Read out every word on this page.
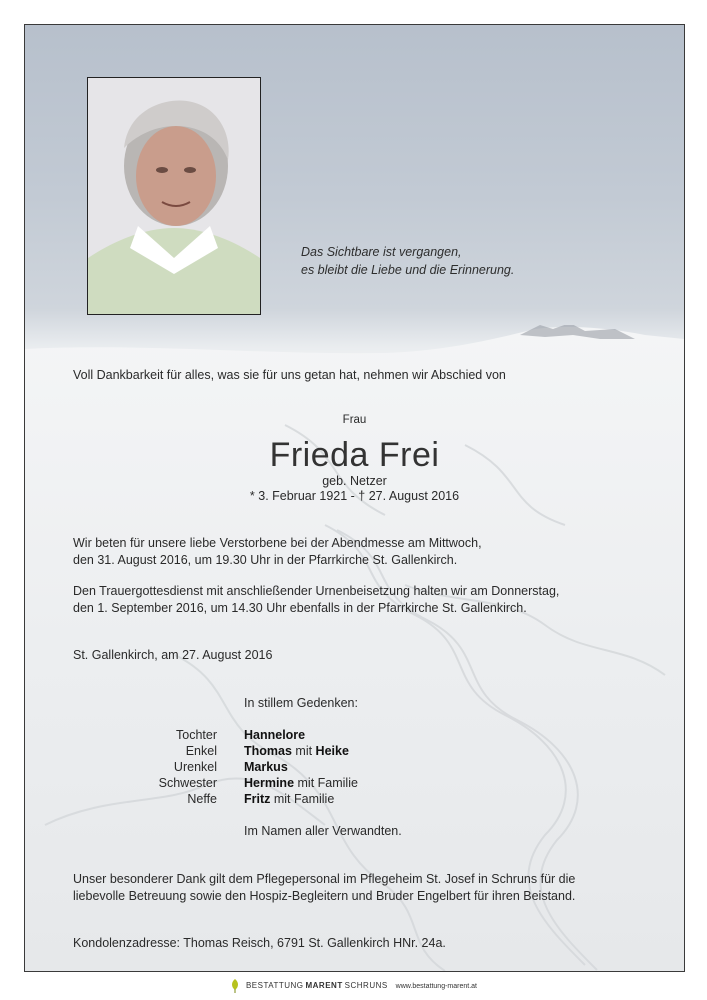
Das Sichtbare ist vergangen,
es bleibt die Liebe und die Erinnerung.
Voll Dankbarkeit für alles, was sie für uns getan hat, nehmen wir Abschied von
Frau
Frieda Frei
geb. Netzer
* 3. Februar 1921 - † 27. August 2016
Wir beten für unsere liebe Verstorbene bei der Abendmesse am Mittwoch,
den 31. August 2016, um 19.30 Uhr in der Pfarrkirche St. Gallenkirch.
Den Trauergottesdienst mit anschließender Urnenbeisetzung halten wir am Donnerstag,
den 1. September 2016, um 14.30 Uhr ebenfalls in der Pfarrkirche St. Gallenkirch.
St. Gallenkirch, am 27. August 2016
In stillem Gedenken:
Tochter Hannelore
Enkel Thomas mit Heike
Urenkel Markus
Schwester Hermine mit Familie
Neffe Fritz mit Familie
Im Namen aller Verwandten.
Unser besonderer Dank gilt dem Pflegepersonal im Pflegeheim St. Josef in Schruns für die
liebevolle Betreuung sowie den Hospiz-Begleitern und Bruder Engelbert für ihren Beistand.
Kondolenzadresse: Thomas Reisch, 6791 St. Gallenkirch HNr. 24a.
BESTATTUNG MARENT SCHRUNS www.bestattung-marent.at
